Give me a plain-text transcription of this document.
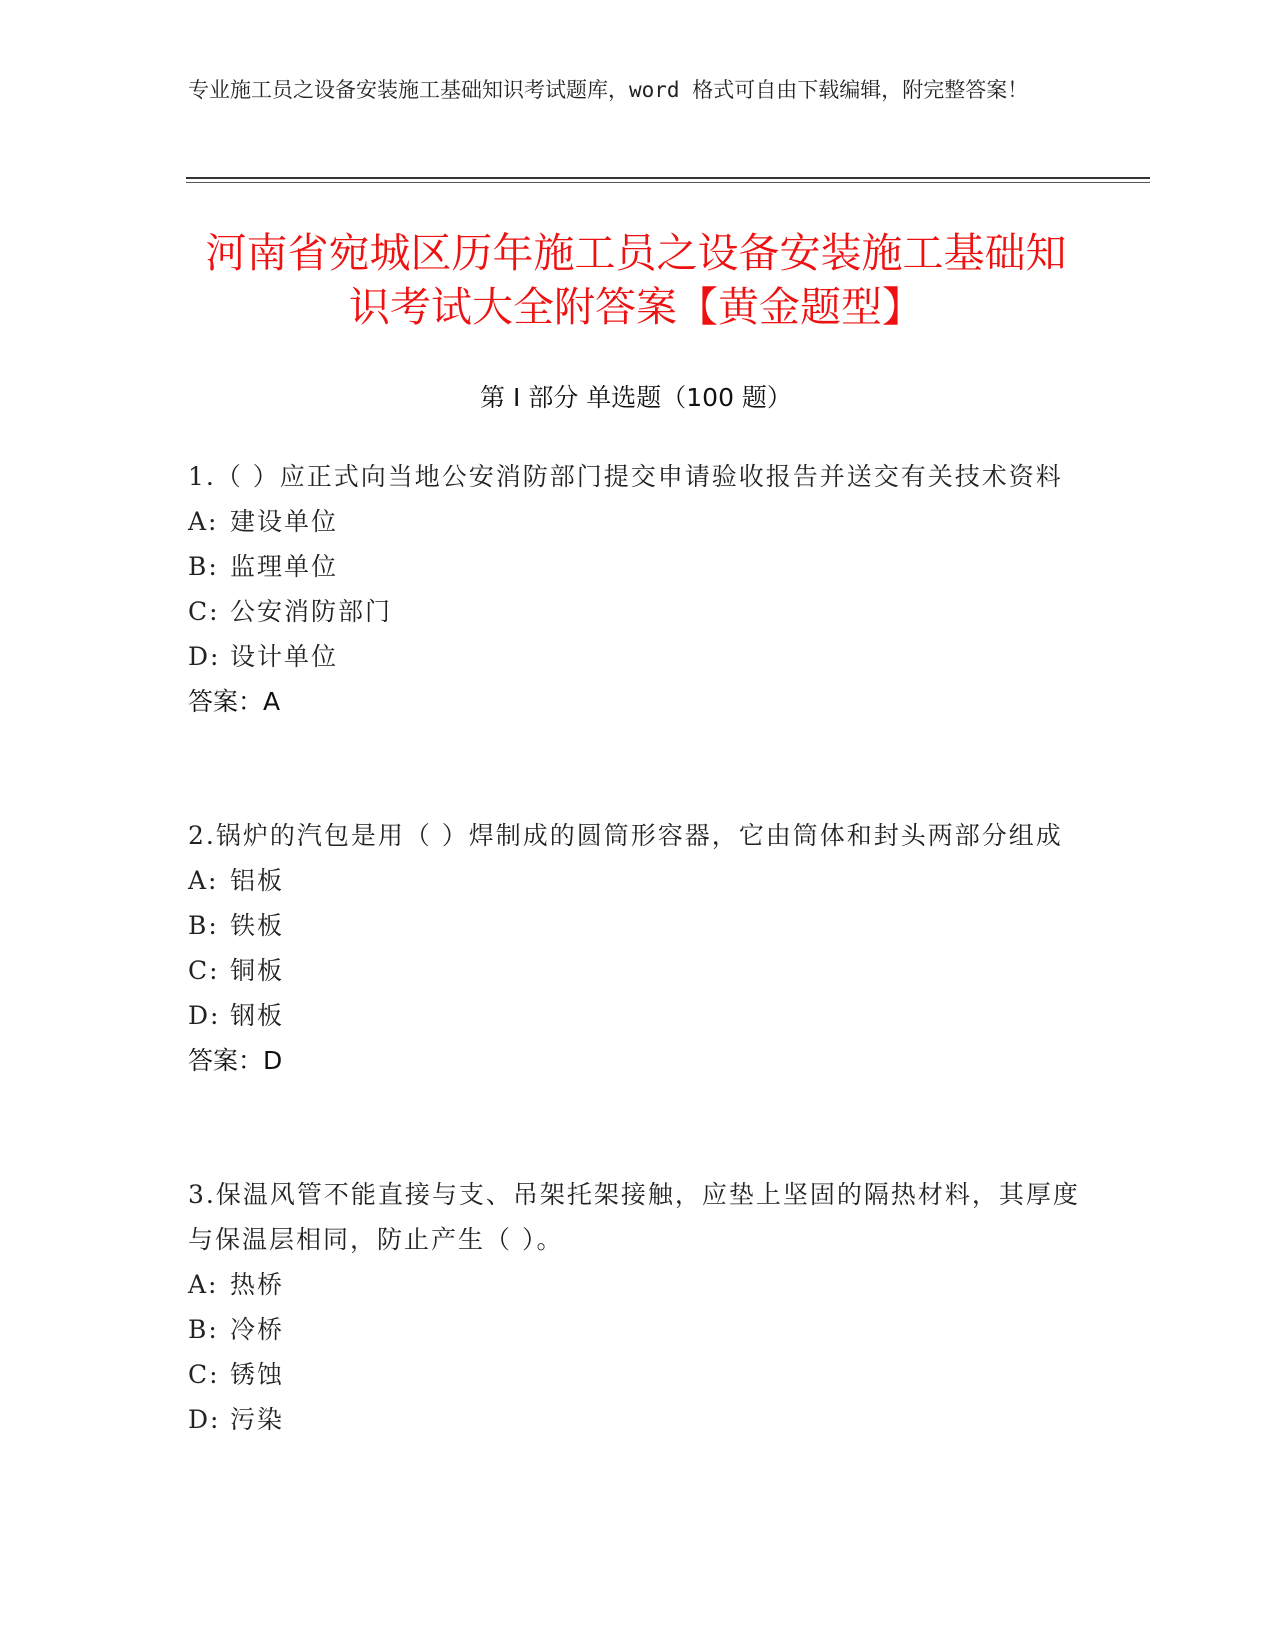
专业施工员之设备安装施工基础知识考试题库，word 格式可自由下载编辑，附完整答案！
河南省宛城区历年施工员之设备安装施工基础知识考试大全附答案【黄金题型】
第 I 部分 单选题（100 题）
1.（ ）应正式向当地公安消防部门提交申请验收报告并送交有关技术资料
A: 建设单位
B: 监理单位
C: 公安消防部门
D: 设计单位
答案：A
2.锅炉的汽包是用（ ）焊制成的圆筒形容器，它由筒体和封头两部分组成
A: 铝板
B: 铁板
C: 铜板
D: 钢板
答案：D
3.保温风管不能直接与支、吊架托架接触，应垫上坚固的隔热材料，其厚度与保温层相同，防止产生（ ）。
A: 热桥
B: 冷桥
C: 锈蚀
D: 污染
